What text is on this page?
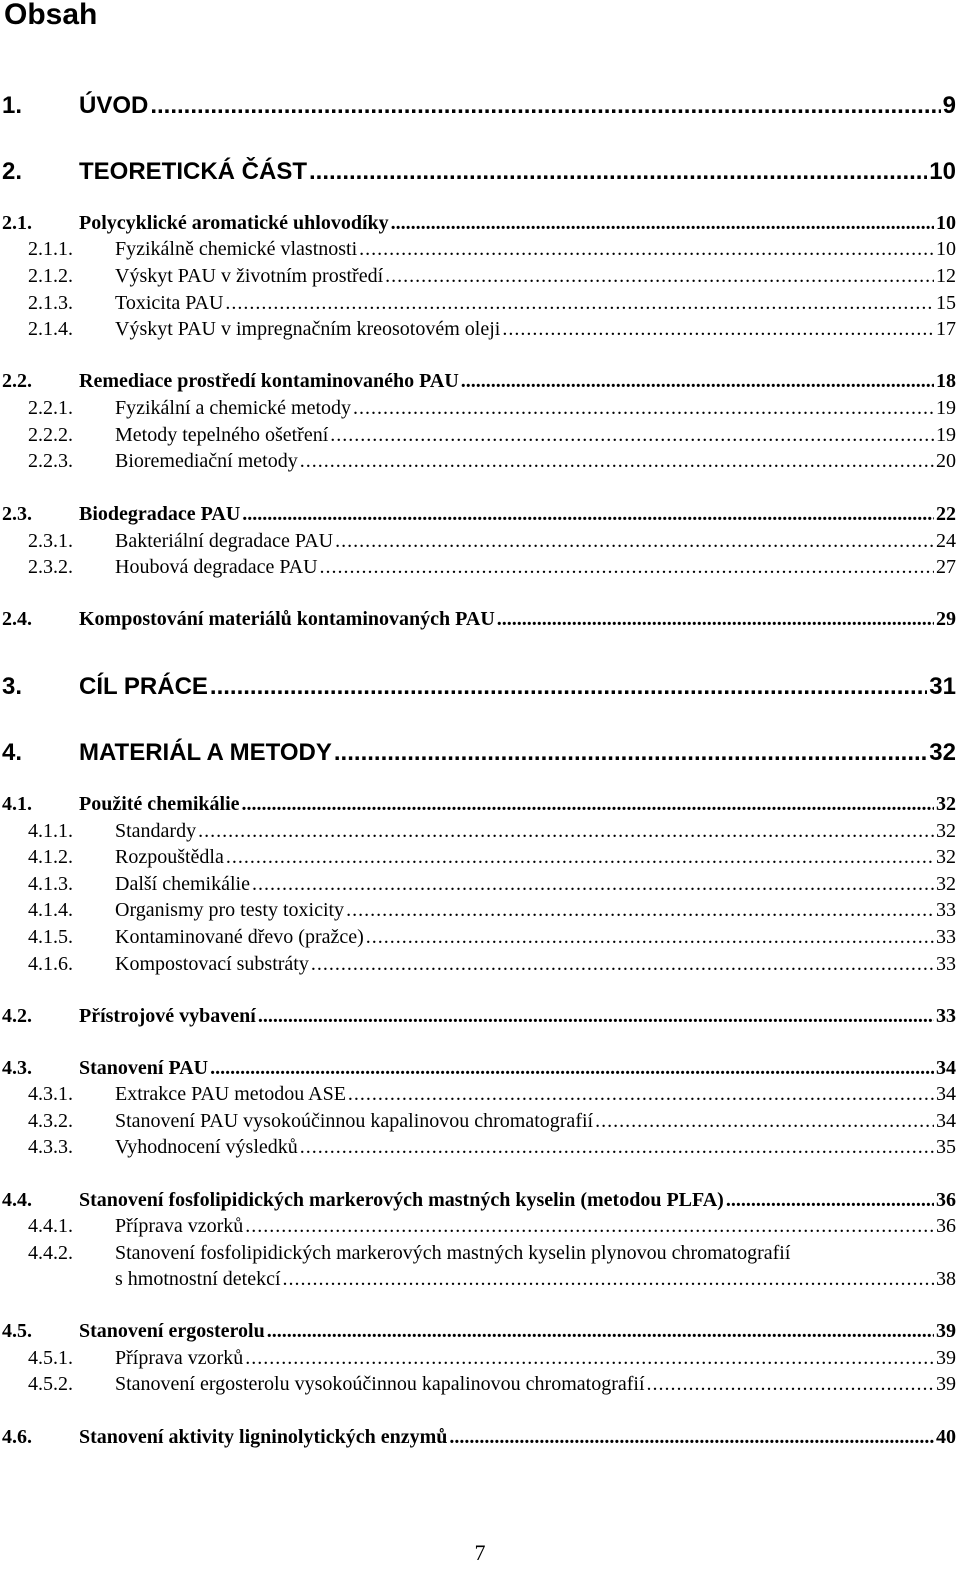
Obsah
1.	ÚVOD .....	9
2.	TEORETICKÁ ČÁST .....	10
2.1.	Polycyklické aromatické uhlovodíky .....	10
2.1.1.	Fyzikálně chemické vlastnosti .....	10
2.1.2.	Výskyt PAU v životním prostředí .....	12
2.1.3.	Toxicita PAU .....	15
2.1.4.	Výskyt PAU v impregnačním kreosotovém oleji .....	17
2.2.	Remediace prostředí kontaminovaného PAU .....	18
2.2.1.	Fyzikální a chemické metody .....	19
2.2.2.	Metody tepelného ošetření .....	19
2.2.3.	Bioremediační metody .....	20
2.3.	Biodegradace PAU .....	22
2.3.1.	Bakteriální degradace PAU .....	24
2.3.2.	Houbová degradace PAU .....	27
2.4.	Kompostování materiálů kontaminovaných PAU .....	29
3.	CÍL PRÁCE .....	31
4.	MATERIÁL A METODY .....	32
4.1.	Použité chemikálie .....	32
4.1.1.	Standardy .....	32
4.1.2.	Rozpouštědla .....	32
4.1.3.	Další chemikálie .....	32
4.1.4.	Organismy pro testy toxicity .....	33
4.1.5.	Kontaminované dřevo (pražce) .....	33
4.1.6.	Kompostovací substráty .....	33
4.2.	Přístrojové vybavení .....	33
4.3.	Stanovení PAU .....	34
4.3.1.	Extrakce PAU metodou ASE .....	34
4.3.2.	Stanovení PAU vysokoúčinnou kapalinovou chromatografií .....	34
4.3.3.	Vyhodnocení výsledků .....	35
4.4.	Stanovení fosfolipidických markerových mastných kyselin (metodou PLFA) .....	36
4.4.1.	Příprava vzorků .....	36
4.4.2.	Stanovení fosfolipidických markerových mastných kyselin plynovou chromatografií
s hmotnostní detekcí .....	38
4.5.	Stanovení ergosterolu .....	39
4.5.1.	Příprava vzorků .....	39
4.5.2.	Stanovení ergosterolu vysokoúčinnou kapalinovou chromatografií .....	39
4.6.	Stanovení aktivity ligninolytických enzymů .....	40
7
